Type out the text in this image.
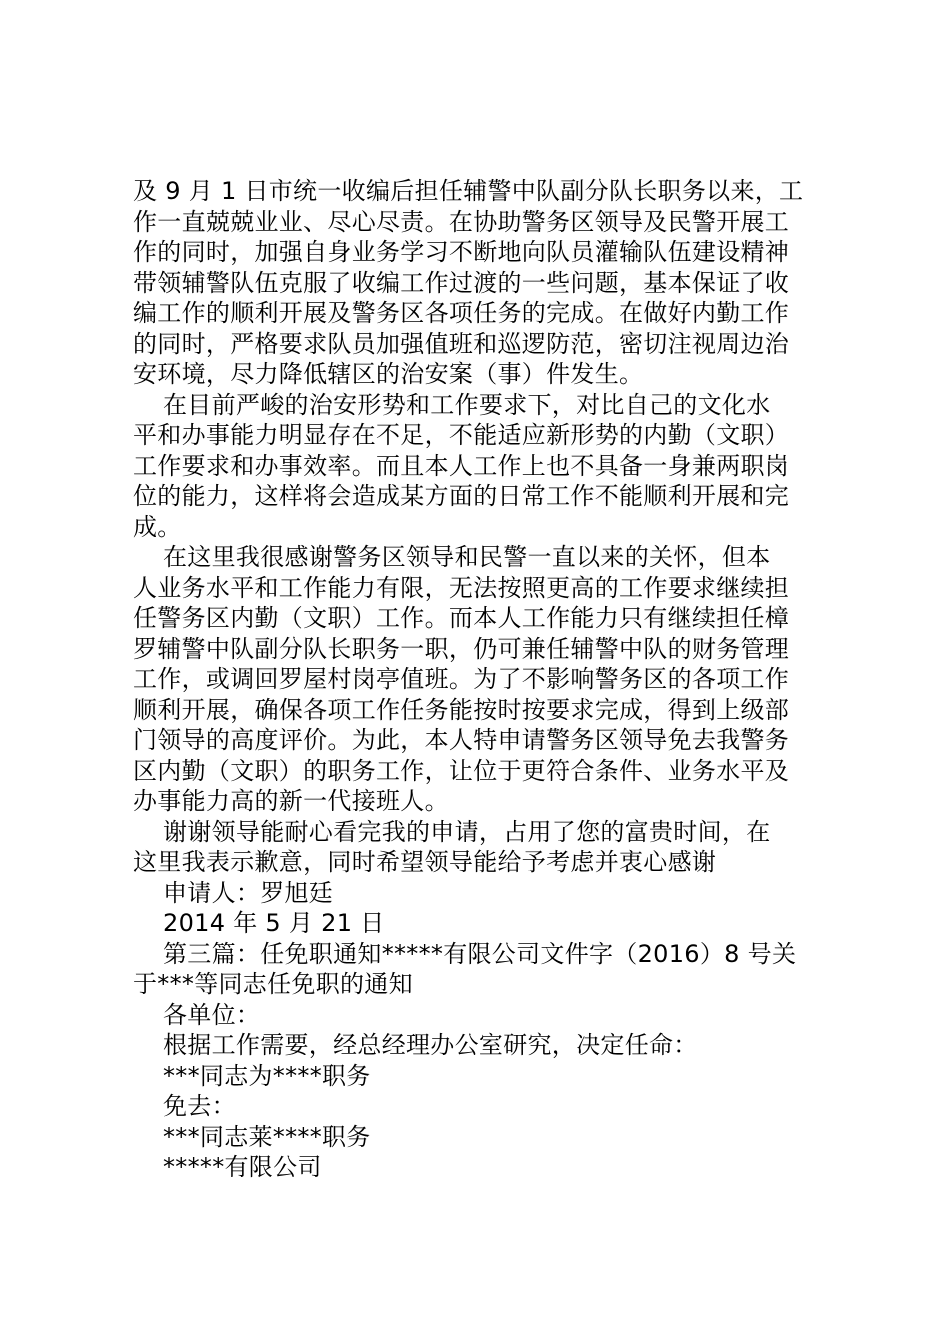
及 9 月 1 日市统一收编后担任辅警中队副分队长职务以来，工
作一直兢兢业业、尽心尽责。在协助警务区领导及民警开展工
作的同时，加强自身业务学习不断地向队员灌输队伍建设精神
带领辅警队伍克服了收编工作过渡的一些问题，基本保证了收
编工作的顺利开展及警务区各项任务的完成。在做好内勤工作
的同时，严格要求队员加强值班和巡逻防范，密切注视周边治
安环境，尽力降低辖区的治安案（事）件发生。
在目前严峻的治安形势和工作要求下，对比自己的文化水
平和办事能力明显存在不足，不能适应新形势的内勤（文职）
工作要求和办事效率。而且本人工作上也不具备一身兼两职岗
位的能力，这样将会造成某方面的日常工作不能顺利开展和完
成。
在这里我很感谢警务区领导和民警一直以来的关怀，但本
人业务水平和工作能力有限，无法按照更高的工作要求继续担
任警务区内勤（文职）工作。而本人工作能力只有继续担任樟
罗辅警中队副分队长职务一职，仍可兼任辅警中队的财务管理
工作，或调回罗屋村岗亭值班。为了不影响警务区的各项工作
顺利开展，确保各项工作任务能按时按要求完成，得到上级部
门领导的高度评价。为此，本人特申请警务区领导免去我警务
区内勤（文职）的职务工作，让位于更符合条件、业务水平及
办事能力高的新一代接班人。
谢谢领导能耐心看完我的申请，占用了您的富贵时间，在
这里我表示歉意，同时希望领导能给予考虑并衷心感谢
申请人：罗旭廷
2014 年 5 月 21 日
第三篇：任免职通知*****有限公司文件字（2016）8 号关
于***等同志任免职的通知
各单位：
根据工作需要，经总经理办公室研究，决定任命：
***同志为****职务
免去：
***同志莱****职务
*****有限公司
